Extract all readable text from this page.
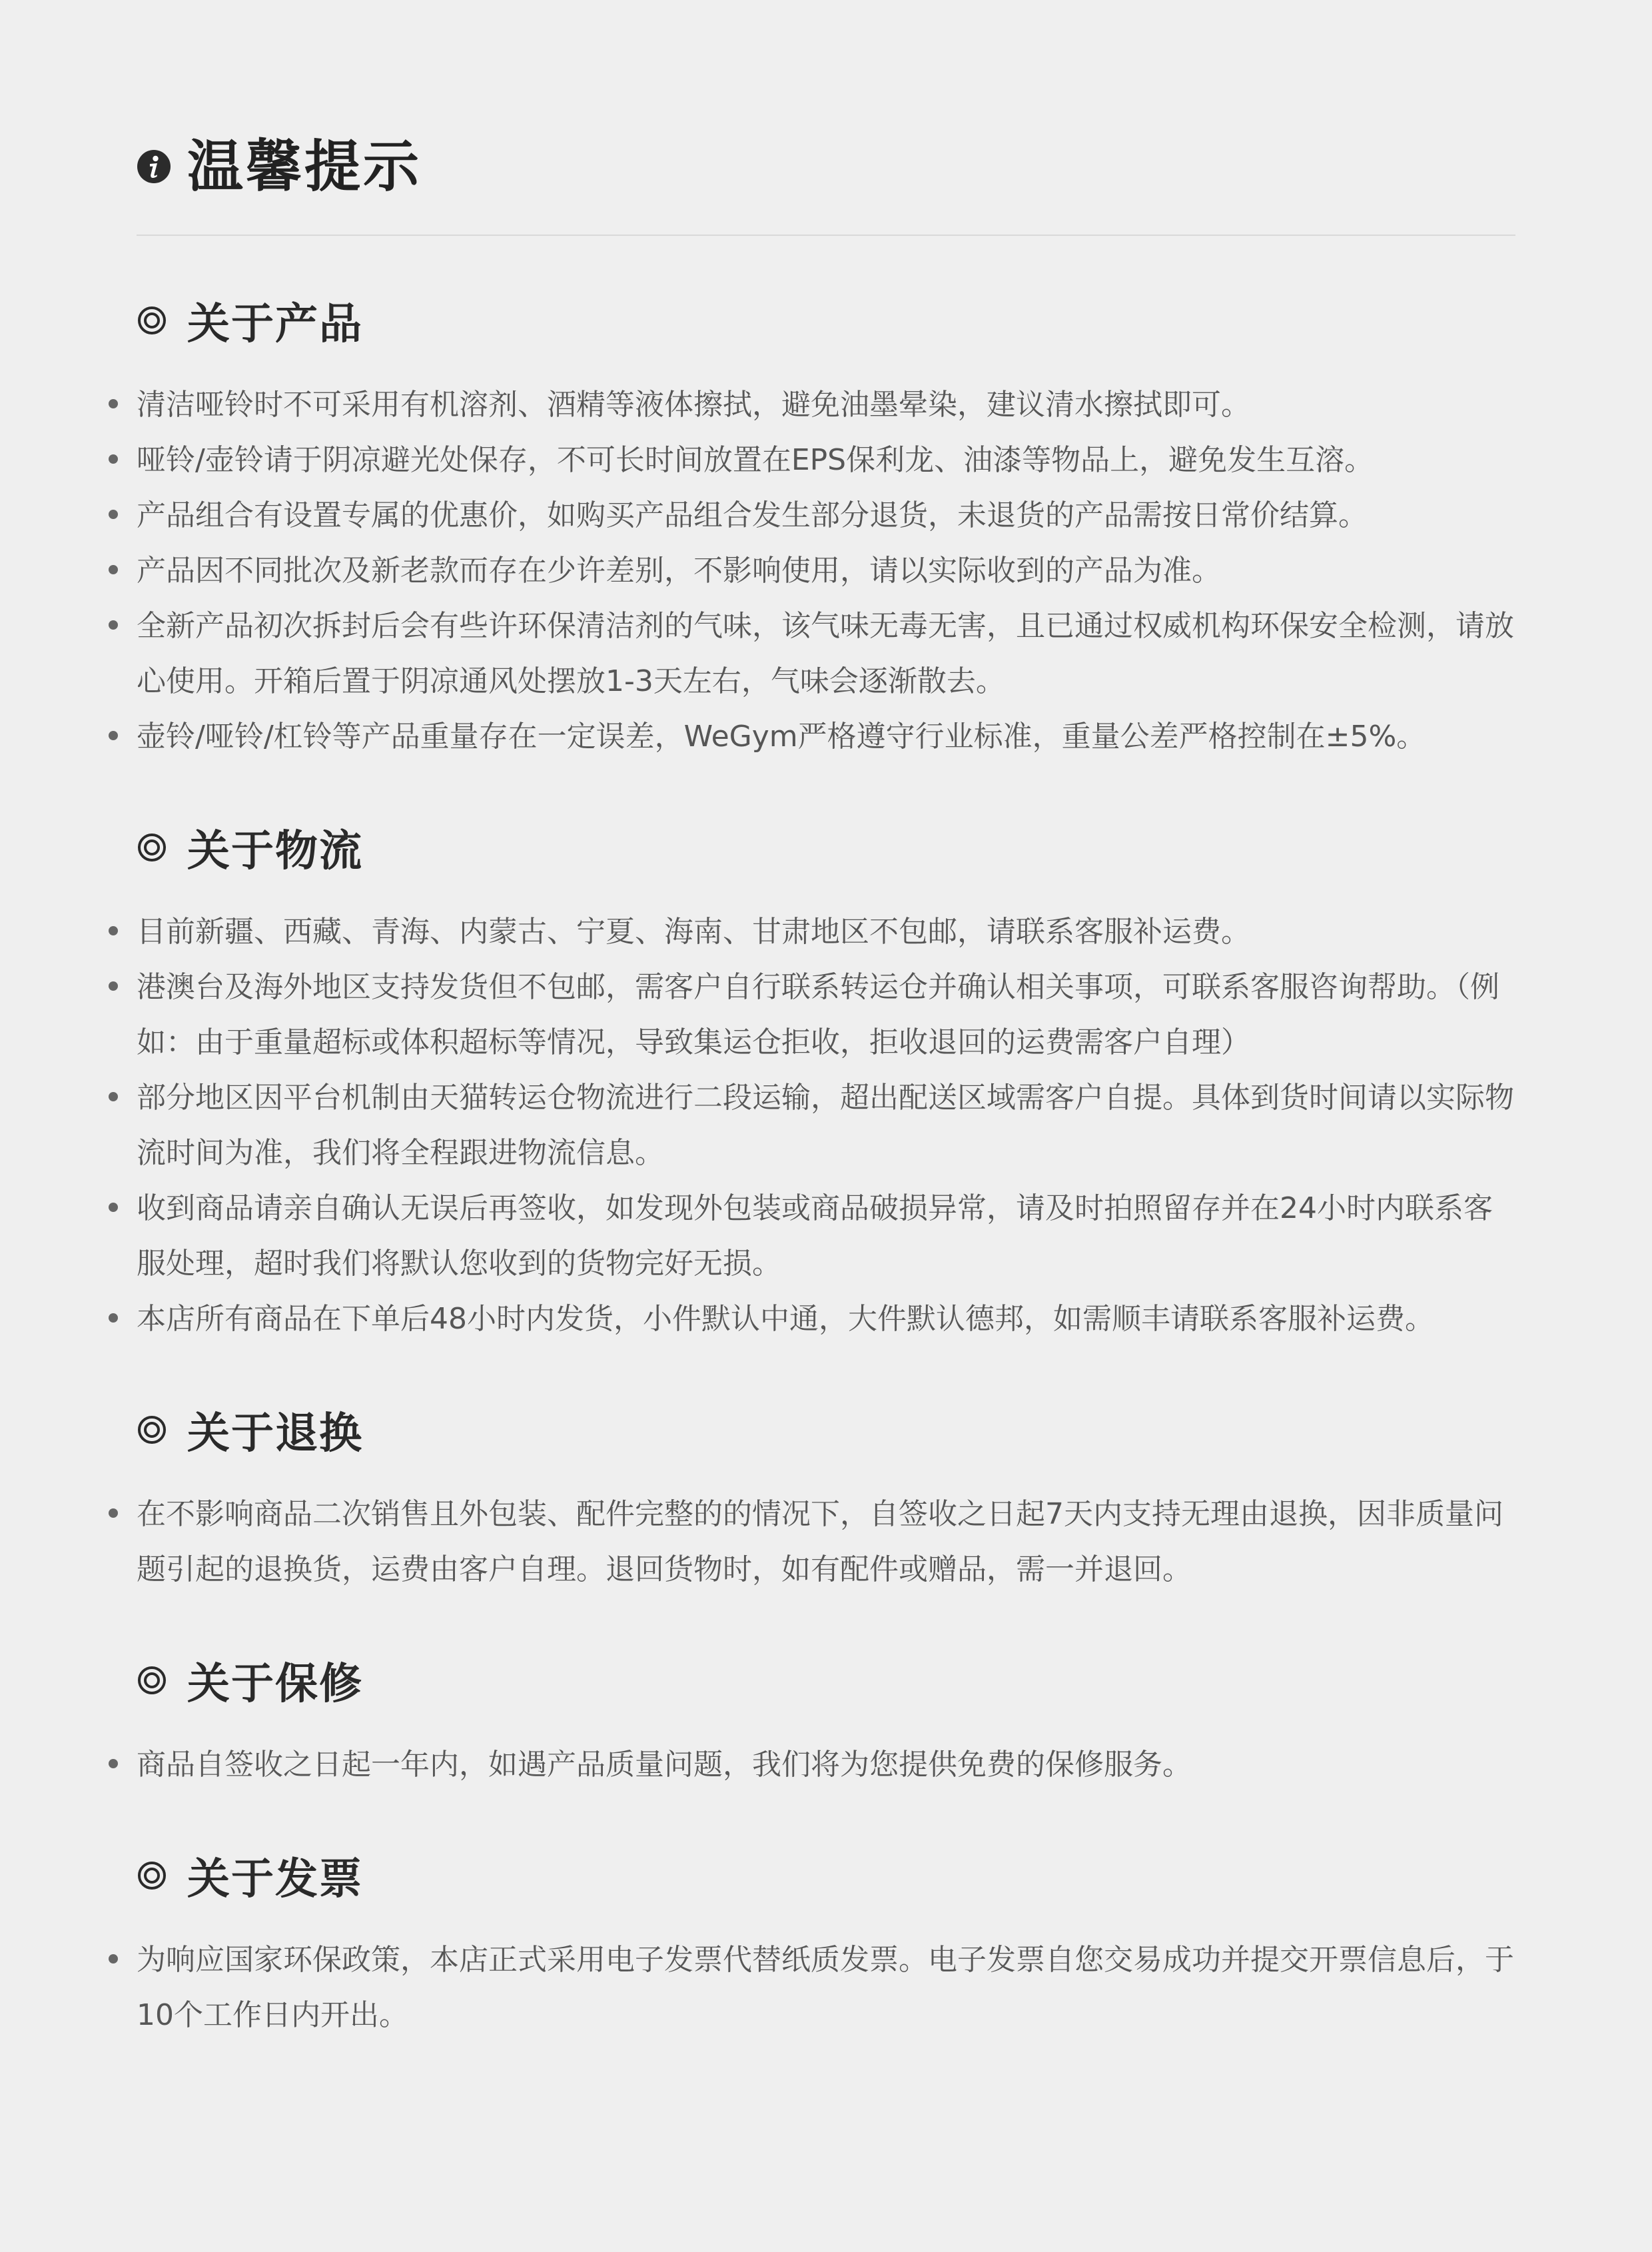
温馨提示
关于产品
清洁哑铃时不可采用有机溶剂、酒精等液体擦拭，避免油墨晕染，建议清水擦拭即可。
哑铃/壶铃请于阴凉避光处保存，不可长时间放置在EPS保利龙、油漆等物品上，避免发生互溶。
产品组合有设置专属的优惠价，如购买产品组合发生部分退货，未退货的产品需按日常价结算。
产品因不同批次及新老款而存在少许差别，不影响使用，请以实际收到的产品为准。
全新产品初次拆封后会有些许环保清洁剂的气味，该气味无毒无害，且已通过权威机构环保安全检测，请放心使用。开箱后置于阴凉通风处摆放1-3天左右，气味会逐渐散去。
壶铃/哑铃/杠铃等产品重量存在一定误差，WeGym严格遵守行业标准，重量公差严格控制在±5%。
关于物流
目前新疆、西藏、青海、内蒙古、宁夏、海南、甘肃地区不包邮，请联系客服补运费。
港澳台及海外地区支持发货但不包邮，需客户自行联系转运仓并确认相关事项，可联系客服咨询帮助。（例如：由于重量超标或体积超标等情况，导致集运仓拒收，拒收退回的运费需客户自理）
部分地区因平台机制由天猫转运仓物流进行二段运输，超出配送区域需客户自提。具体到货时间请以实际物流时间为准，我们将全程跟进物流信息。
收到商品请亲自确认无误后再签收，如发现外包装或商品破损异常，请及时拍照留存并在24小时内联系客服处理，超时我们将默认您收到的货物完好无损。
本店所有商品在下单后48小时内发货，小件默认中通，大件默认德邦，如需顺丰请联系客服补运费。
关于退换
在不影响商品二次销售且外包装、配件完整的的情况下，自签收之日起7天内支持无理由退换，因非质量问题引起的退换货，运费由客户自理。退回货物时，如有配件或赠品，需一并退回。
关于保修
商品自签收之日起一年内，如遇产品质量问题，我们将为您提供免费的保修服务。
关于发票
为响应国家环保政策，本店正式采用电子发票代替纸质发票。电子发票自您交易成功并提交开票信息后，于10个工作日内开出。
